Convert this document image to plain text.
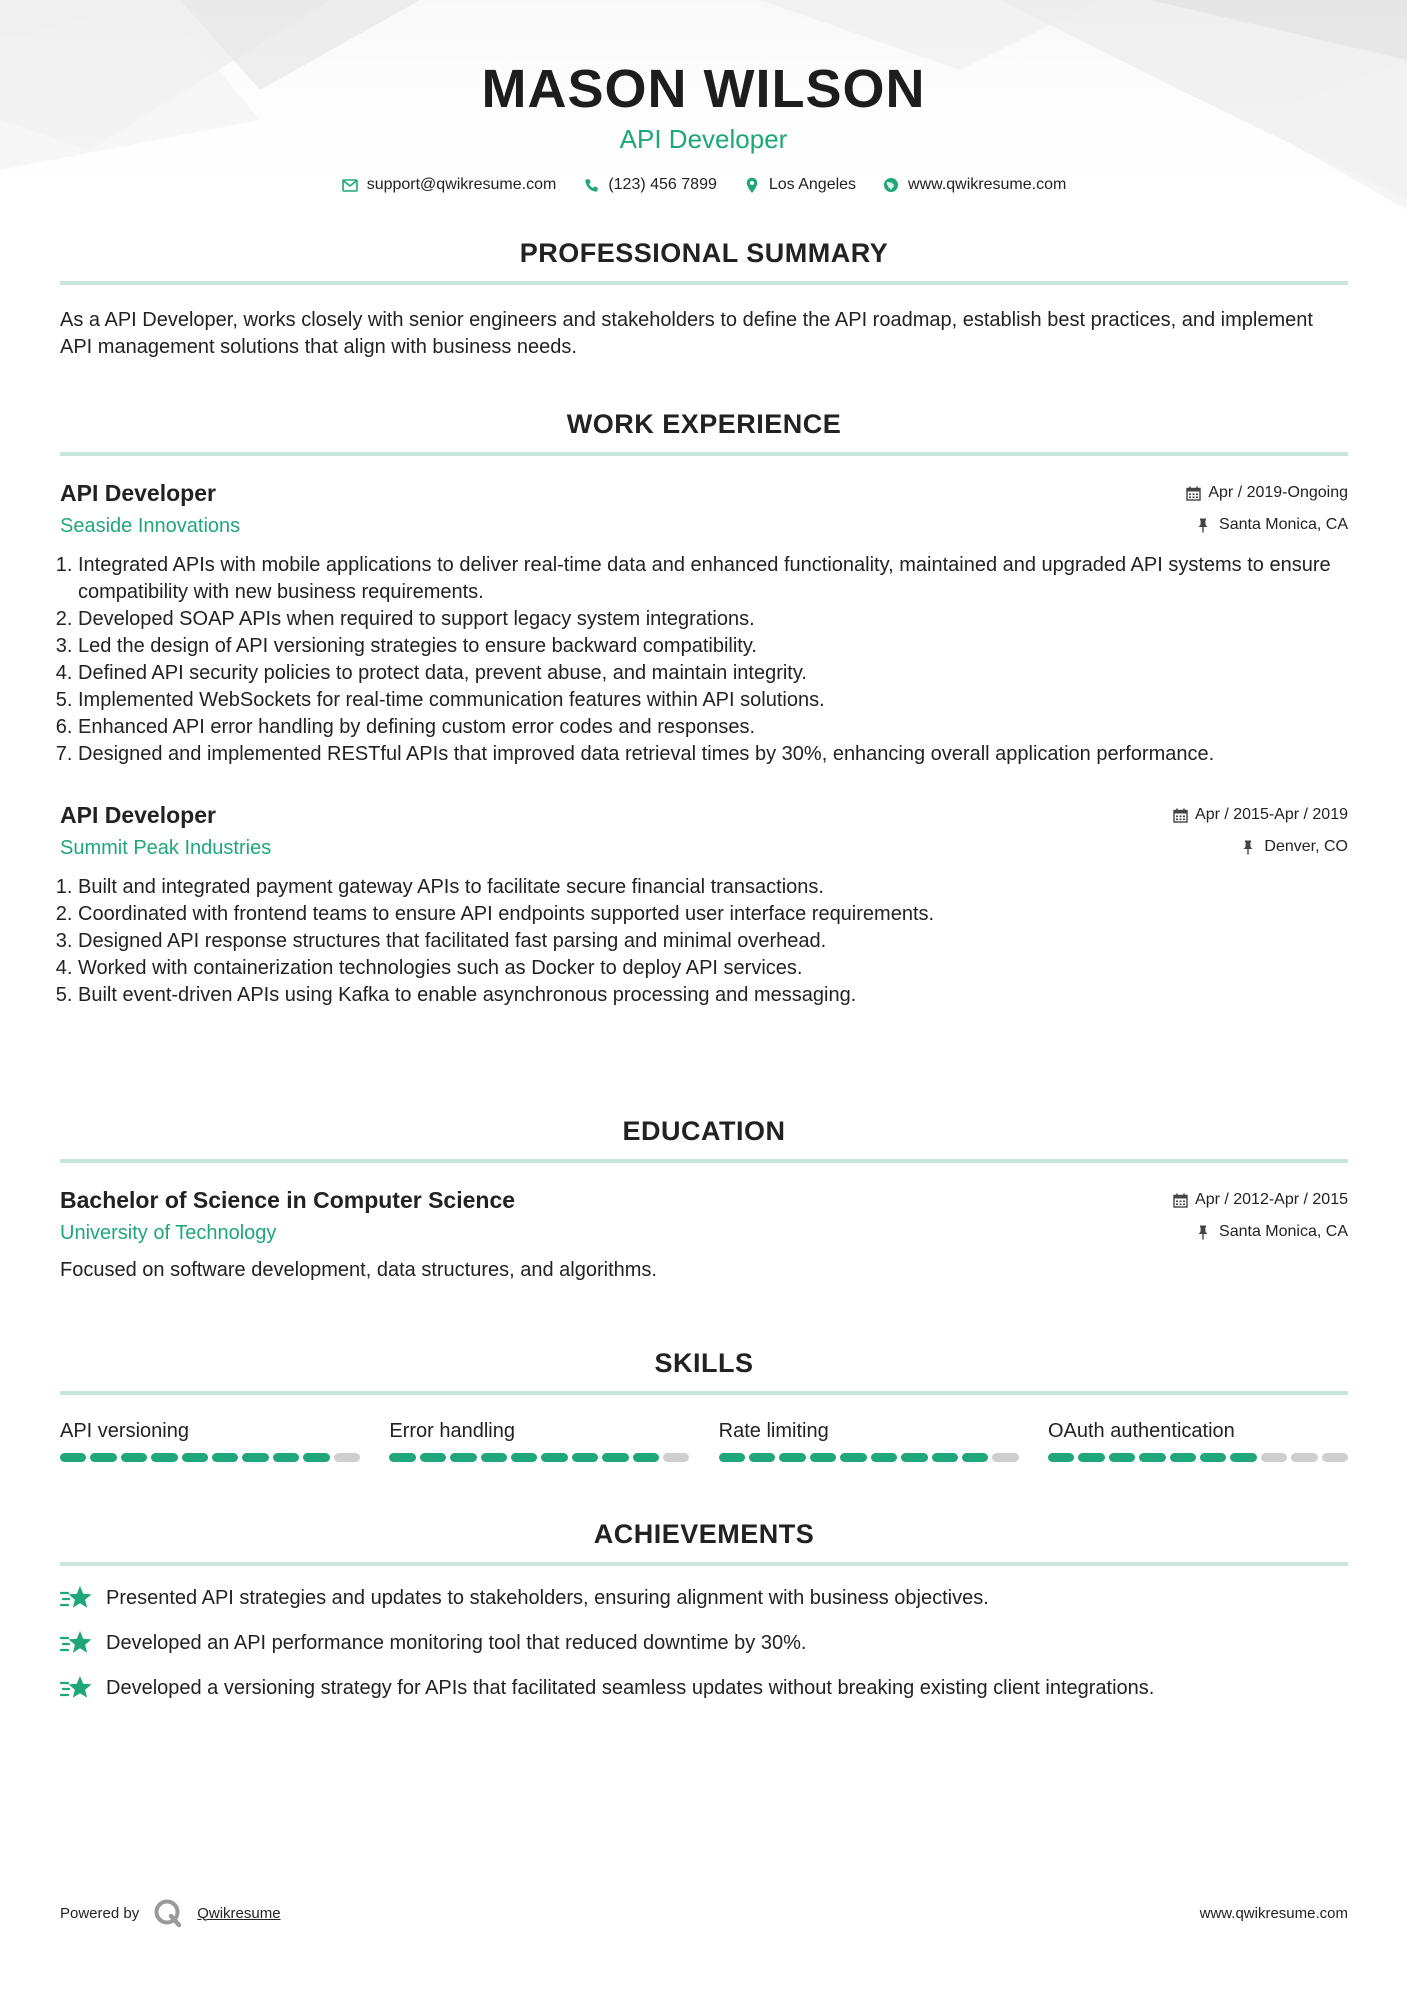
MASON WILSON
API Developer
support@qwikresume.com	(123) 456 7899	Los Angeles	www.qwikresume.com
PROFESSIONAL SUMMARY
As a API Developer, works closely with senior engineers and stakeholders to define the API roadmap, establish best practices, and implement API management solutions that align with business needs.
WORK EXPERIENCE
API Developer
Seaside Innovations
Apr / 2019-Ongoing
Santa Monica, CA
1. Integrated APIs with mobile applications to deliver real-time data and enhanced functionality, maintained and upgraded API systems to ensure compatibility with new business requirements.
2. Developed SOAP APIs when required to support legacy system integrations.
3. Led the design of API versioning strategies to ensure backward compatibility.
4. Defined API security policies to protect data, prevent abuse, and maintain integrity.
5. Implemented WebSockets for real-time communication features within API solutions.
6. Enhanced API error handling by defining custom error codes and responses.
7. Designed and implemented RESTful APIs that improved data retrieval times by 30%, enhancing overall application performance.
API Developer
Summit Peak Industries
Apr / 2015-Apr / 2019
Denver, CO
1. Built and integrated payment gateway APIs to facilitate secure financial transactions.
2. Coordinated with frontend teams to ensure API endpoints supported user interface requirements.
3. Designed API response structures that facilitated fast parsing and minimal overhead.
4. Worked with containerization technologies such as Docker to deploy API services.
5. Built event-driven APIs using Kafka to enable asynchronous processing and messaging.
EDUCATION
Bachelor of Science in Computer Science
University of Technology
Apr / 2012-Apr / 2015
Santa Monica, CA
Focused on software development, data structures, and algorithms.
SKILLS
API versioning	Error handling	Rate limiting	OAuth authentication
ACHIEVEMENTS
Presented API strategies and updates to stakeholders, ensuring alignment with business objectives.
Developed an API performance monitoring tool that reduced downtime by 30%.
Developed a versioning strategy for APIs that facilitated seamless updates without breaking existing client integrations.
Powered by	Qwikresume	www.qwikresume.com
